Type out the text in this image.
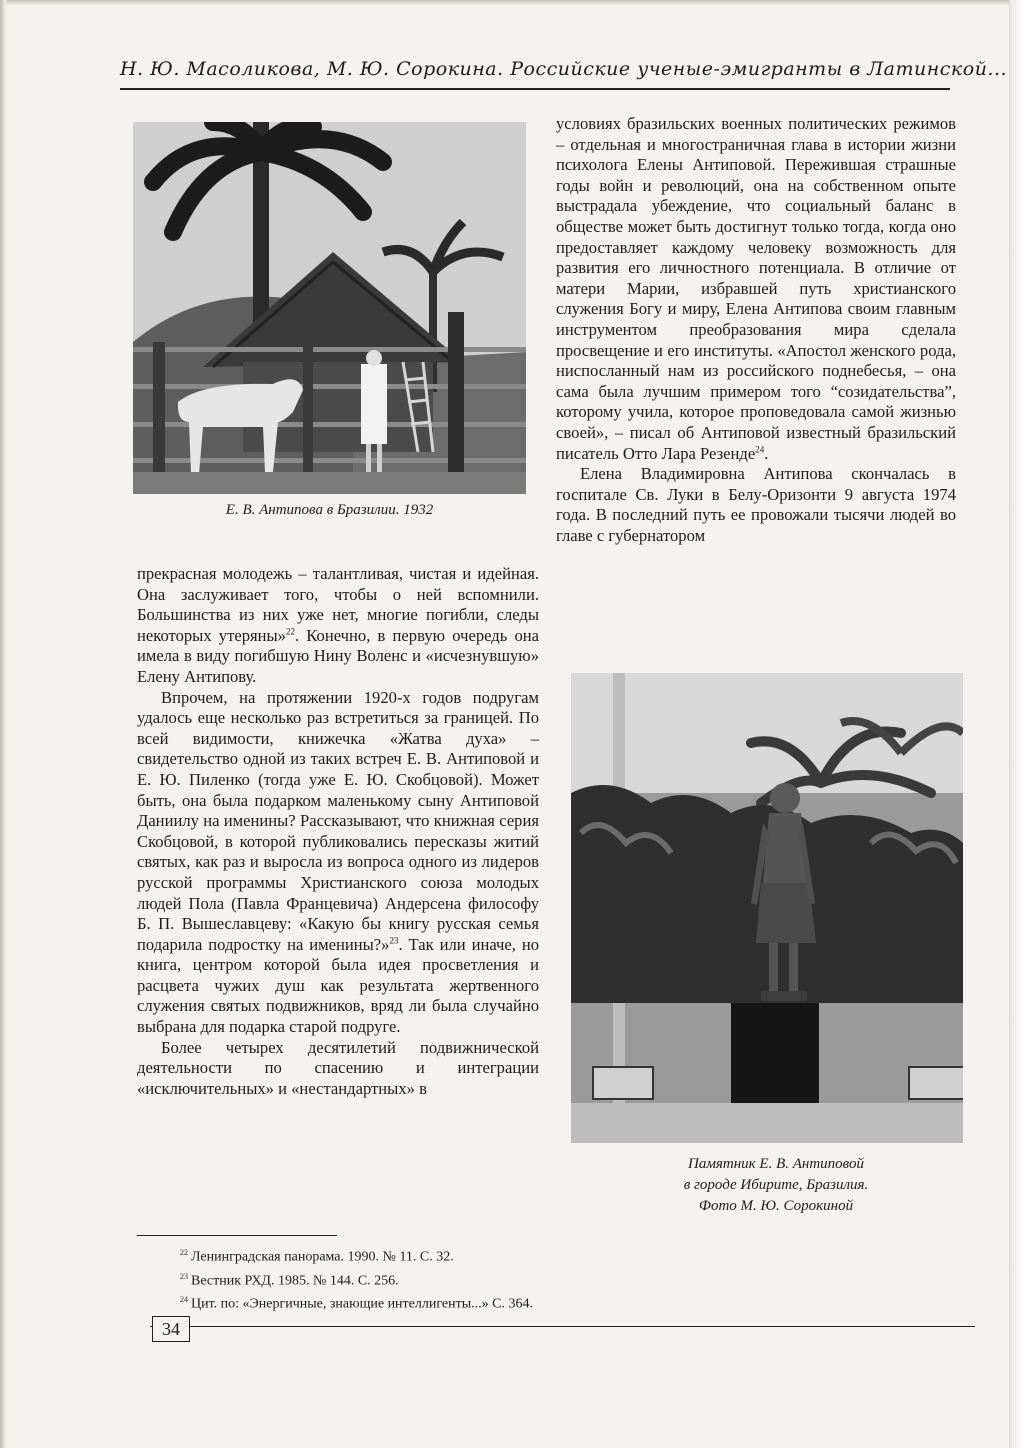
Н. Ю. Масоликова, М. Ю. Сорокина. Российские ученые-эмигранты в Латинской...
Е. В. Антипова в Бразилии. 1932

условиях бразильских военных политических режимов – отдельная и многостраничная глава в истории жизни психолога Елены Антиповой. Пережившая страшные годы войн и революций, она на собственном опыте выстрадала убеждение, что социальный баланс в обществе может быть достигнут только тогда, когда оно предоставляет каждому человеку возможность для развития его личностного потенциала. В отличие от матери Марии, избравшей путь христианского служения Богу и миру, Елена Антипова своим главным инструментом преобразования мира сделала просвещение и его институты. «Апостол женского рода, ниспосланный нам из российского поднебесья, – она сама была лучшим примером того “созидательства”, которому учила, которое проповедовала самой жизнью своей», – писал об Антиповой известный бразильский писатель Отто Лара Резенде$^{24}$.

Елена Владимировна Антипова скончалась в госпитале Св. Луки в Белу-Оризонти 9 августа 1974 года. В последний путь ее провожали тысячи людей во главе с губернатором

прекрасная молодежь – талантливая, чистая и идейная. Она заслуживает того, чтобы о ней вспомнили. Большинства из них уже нет, многие погибли, следы некоторых утеряны»$^{22}$. Конечно, в первую очередь она имела в виду погибшую Нину Воленс и «исчезнувшую» Елену Антипову.

Впрочем, на протяжении 1920-х годов подругам удалось еще несколько раз встретиться за границей. По всей видимости, книжечка «Жатва духа» – свидетельство одной из таких встреч Е. В. Антиповой и Е. Ю. Пиленко (тогда уже Е. Ю. Скобцовой). Может быть, она была подарком маленькому сыну Антиповой Даниилу на именины? Рассказывают, что книжная серия Скобцовой, в которой публиковались пересказы житий святых, как раз и выросла из вопроса одного из лидеров русской программы Христианского союза молодых людей Пола (Павла Францевича) Андерсена философу Б. П. Вышеславцеву: «Какую бы книгу русская семья подарила подростку на именины?»$^{23}$. Так или иначе, но книга, центром которой была идея просветления и расцвета чужих душ как результата жертвенного служения святых подвижников, вряд ли была случайно выбрана для подарка старой подруге.

Более четырех десятилетий подвижнической деятельности по спасению и интеграции «исключительных» и «нестандартных» в

Памятник Е. В. Антиповой
в городе Ибирите, Бразилия.
Фото М. Ю. Сорокиной
$^{22}$ Ленинградская панорама. 1990. № 11. С. 32.
$^{23}$ Вестник РХД. 1985. № 144. С. 256.
$^{24}$ Цит. по: «Энергичные, знающие интеллигенты...» С. 364.
34
